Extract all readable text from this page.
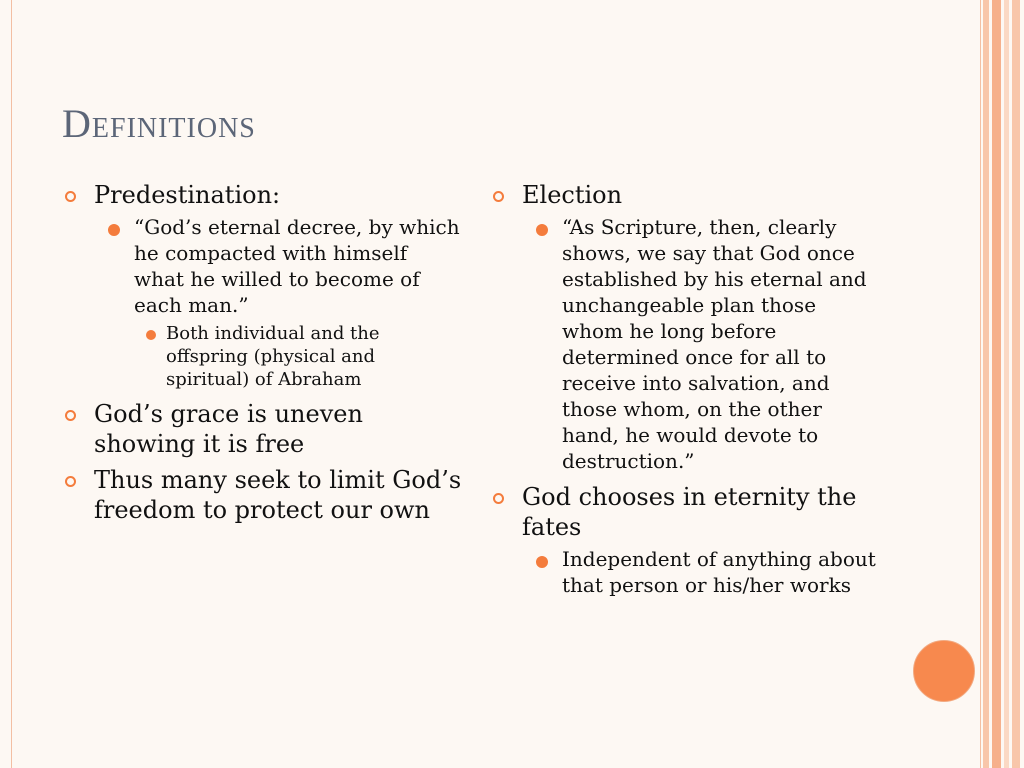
Definitions
Predestination:
“God’s eternal decree, by which he compacted with himself what he willed to become of each man.”
Both individual and the offspring (physical and spiritual) of Abraham
God’s grace is uneven showing it is free
Thus many seek to limit God’s freedom to protect our own
Election
“As Scripture, then, clearly shows, we say that God once established by his eternal and unchangeable plan those whom he long before determined once for all to receive into salvation, and those whom, on the other hand, he would devote to destruction.”
God chooses in eternity the fates
Independent of anything about that person or his/her works
